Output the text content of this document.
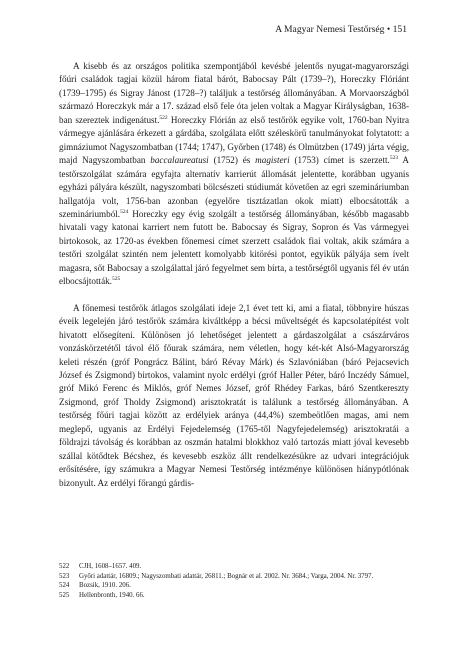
A Magyar Nemesi Testőrség • 151

A kisebb és az országos politika szempontjából kevésbé jelentős nyugat-magyarországi főúri családok tagjai közül három fiatal bárót, Babocsay Pált (1739–?), Horeczky Flóriánt (1739–1795) és Sigray Jánost (1728–?) találjuk a testőrség állományában. A Morvaországból származó Horeczkyk már a 17. század első fele óta jelen voltak a Magyar Királyságban, 1638-ban szereztek indigenátust.$^{522}$ Horeczky Flórián az első testőrök egyike volt, 1760-ban Nyitra vármegye ajánlására érkezett a gárdába, szolgálata előtt széleskörű tanulmányokat folytatott: a gimnáziumot Nagyszombatban (1744; 1747), Győrben (1748) és Olmützben (1749) járta végig, majd Nagyszombatban baccalaureatusi (1752) és magisteri (1753) címet is szerzett.$^{523}$ A testőrszolgálat számára egyfajta alternatív karrierút állomását jelentette, korábban ugyanis egyházi pályára készült, nagyszombati bölcsészeti stúdiumát követően az egri szemináriumban hallgatója volt, 1756-ban azonban (egyelőre tisztázatlan okok miatt) elbocsátották a szemináriumból.$^{524}$ Horeczky egy évig szolgált a testőrség állományában, később magasabb hivatali vagy katonai karriert nem futott be. Babocsay és Sigray, Sopron és Vas vármegyei birtokosok, az 1720-as években főnemesi címet szerzett családok fiai voltak, akik számára a testőri szolgálat szintén nem jelentett komolyabb kitörési pontot, egyikük pályája sem ívelt magasra, sőt Babocsay a szolgálattal járó fegyelmet sem bírta, a testőrségtől ugyanis fél év után elbocsájtották.$^{525}$

A főnemesi testőrök átlagos szolgálati ideje 2,1 évet tett ki, ami a fiatal, többnyire húszas éveik legelején járó testőrök számára kiváltképp a bécsi műveltségét és kapcsolatépítést volt hivatott elősegíteni. Különösen jó lehetőséget jelentett a gárdaszolgálat a császárváros vonzáskörzetétől távol élő főurak számára, nem véletlen, hogy két-két Alsó-Magyarország keleti részén (gróf Pongrácz Bálint, báró Révay Márk) és Szlavóniában (báró Pejacsevich József és Zsigmond) birtokos, valamint nyolc erdélyi (gróf Haller Péter, báró Inczédy Sámuel, gróf Mikó Ferenc és Miklós, gróf Nemes József, gróf Rhédey Farkas, báró Szentkereszty Zsigmond, gróf Tholdy Zsigmond) arisztokratát is találunk a testőrség állományában. A testőrség főúri tagjai között az erdélyiek aránya (44,4%) szembeötlően magas, ami nem meglepő, ugyanis az Erdélyi Fejedelemség (1765-től Nagyfejedelemség) arisztokratái a földrajzi távolság és korábban az oszmán hatalmi blokkhoz való tartozás miatt jóval kevesebb szállal kötődtek Bécshez, és kevesebb eszköz állt rendelkezésükre az udvari integrációjuk erősítésére, így számukra a Magyar Nemesi Testőrség intézménye különösen hiánypótlónak bizonyult. Az erdélyi főrangú gárdis-

522	CJH, 1608–1657. 409.
523	Győri adattár, 16809.; Nagyszombati adattár, 26811.; Bognár et al. 2002. Nr. 3684.; Varga, 2004. Nr. 3797.
524	Bozsik, 1910. 206.
525	Hellenbronth, 1940. 66.
